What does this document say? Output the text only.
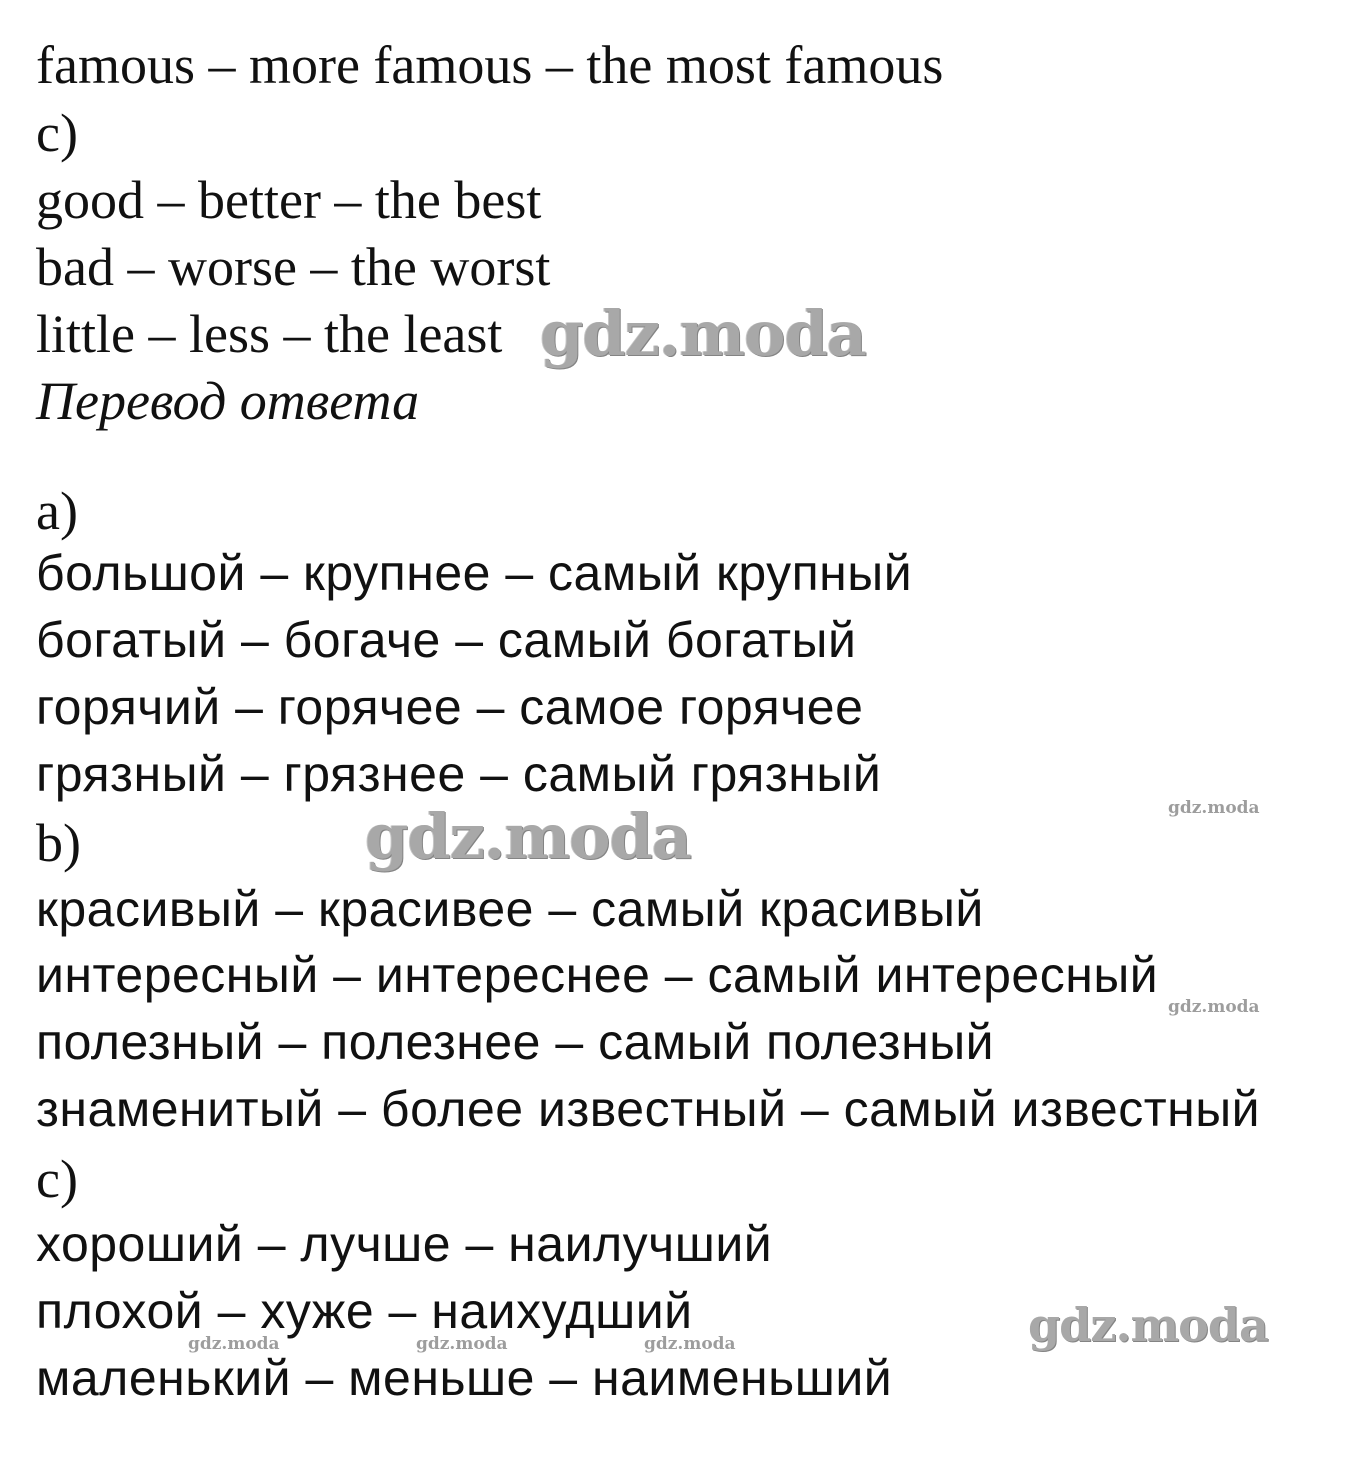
famous – more famous – the most famous
c)
good – better – the best
bad – worse – the worst
little – less – the least
Перевод ответа
a)
большой – крупнее – самый крупный
богатый – богаче – самый богатый
горячий – горячее – самое горячее
грязный – грязнее – самый грязный
b)
красивый – красивее – самый красивый
интересный – интереснее – самый интересный
полезный – полезнее – самый полезный
знаменитый – более известный – самый известный
c)
хороший – лучше – наилучший
плохой – хуже – наихудший
маленький – меньше – наименьший
gdz.moda
gdz.moda
gdz.moda
gdz.moda
gdz.moda
gdz.moda	gdz.moda	gdz.moda
